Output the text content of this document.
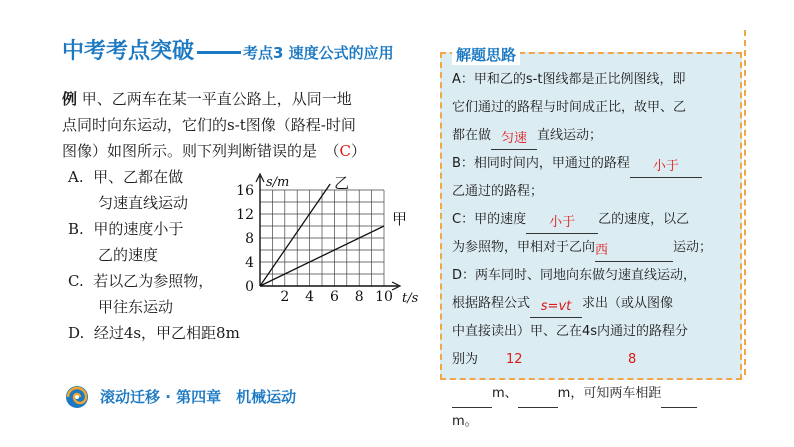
中考考点突破	考点3 速度公式的应用
例 甲、乙两车在某一平直公路上，从同一地
点同时向东运动，它们的s-t图像（路程-时间
图像）如图所示。则下列判断错误的是　（C）
A. 甲、乙都在做
匀速直线运动
B. 甲的速度小于
乙的速度
C. 若以乙为参照物，
甲往东运动
D. 经过4s，甲乙相距8m
2 4 6 8 10
0
4
8
12
16
s/m
t/s
乙
甲
解题思路
A：甲和乙的s-t图线都是正比例图线，即
它们通过的路程与时间成正比，故甲、乙
都在做 匀速 直线运动；
B：相同时间内，甲通过的路程 小于
乙通过的路程；
C：甲的速度 小于 乙的速度，以乙
为参照物，甲相对于乙向西	运动；
D：两车同时、同地向东做匀速直线运动，
根据路程公式 s=vt 求出（或从图像
中直接读出）甲、乙在4s内通过的路程分
别为 12	8
m、	m，可知两车相距
m。
滚动迁移 · 第四章　机械运动
